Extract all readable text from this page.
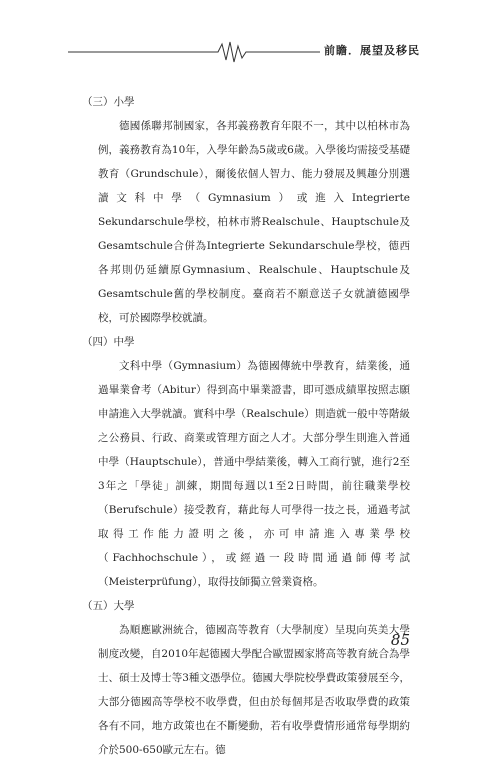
前瞻．展望及移民

（三）小學

德國係聯邦制國家，各邦義務教育年限不一，其中以柏林市為例，義務教育為10年，入學年齡為5歲或6歲。入學後均需接受基礎教育（Grundschule），爾後依個人智力、能力發展及興趣分別選讀文科中學（Gymnasium）或進入Integrierte Sekundarschule學校，柏林市將Realschule、Hauptschule及Gesamtschule合併為Integrierte Sekundarschule學校，德西各邦則仍延續原Gymnasium、Realschule、Hauptschule及Gesamtschule舊的學校制度。臺商若不願意送子女就讀德國學校，可於國際學校就讀。

（四）中學

文科中學（Gymnasium）為德國傳統中學教育，結業後，通過畢業會考（Abitur）得到高中畢業證書，即可憑成績單按照志願申請進入大學就讀。實科中學（Realschule）則造就一般中等階級之公務員、行政、商業或管理方面之人才。大部分學生則進入普通中學（Hauptschule），普通中學結業後，轉入工商行號，進行2至3年之「學徒」訓練，期間每週以1至2日時間，前往職業學校（Berufschule）接受教育，藉此每人可學得一技之長，通過考試取得工作能力證明之後，亦可申請進入專業學校（Fachhochschule），或經過一段時間通過師傅考試（Meisterprüfung），取得技師獨立營業資格。

（五）大學

為順應歐洲統合，德國高等教育（大學制度）呈現向英美大學制度改變，自2010年起德國大學配合歐盟國家將高等教育統合為學士、碩士及博士等3種文憑學位。德國大學院校學費政策發展至今，大部分德國高等學校不收學費，但由於每個邦是否收取學費的政策各有不同，地方政策也在不斷變動，若有收學費情形通常每學期約介於500-650歐元左右。德

85
